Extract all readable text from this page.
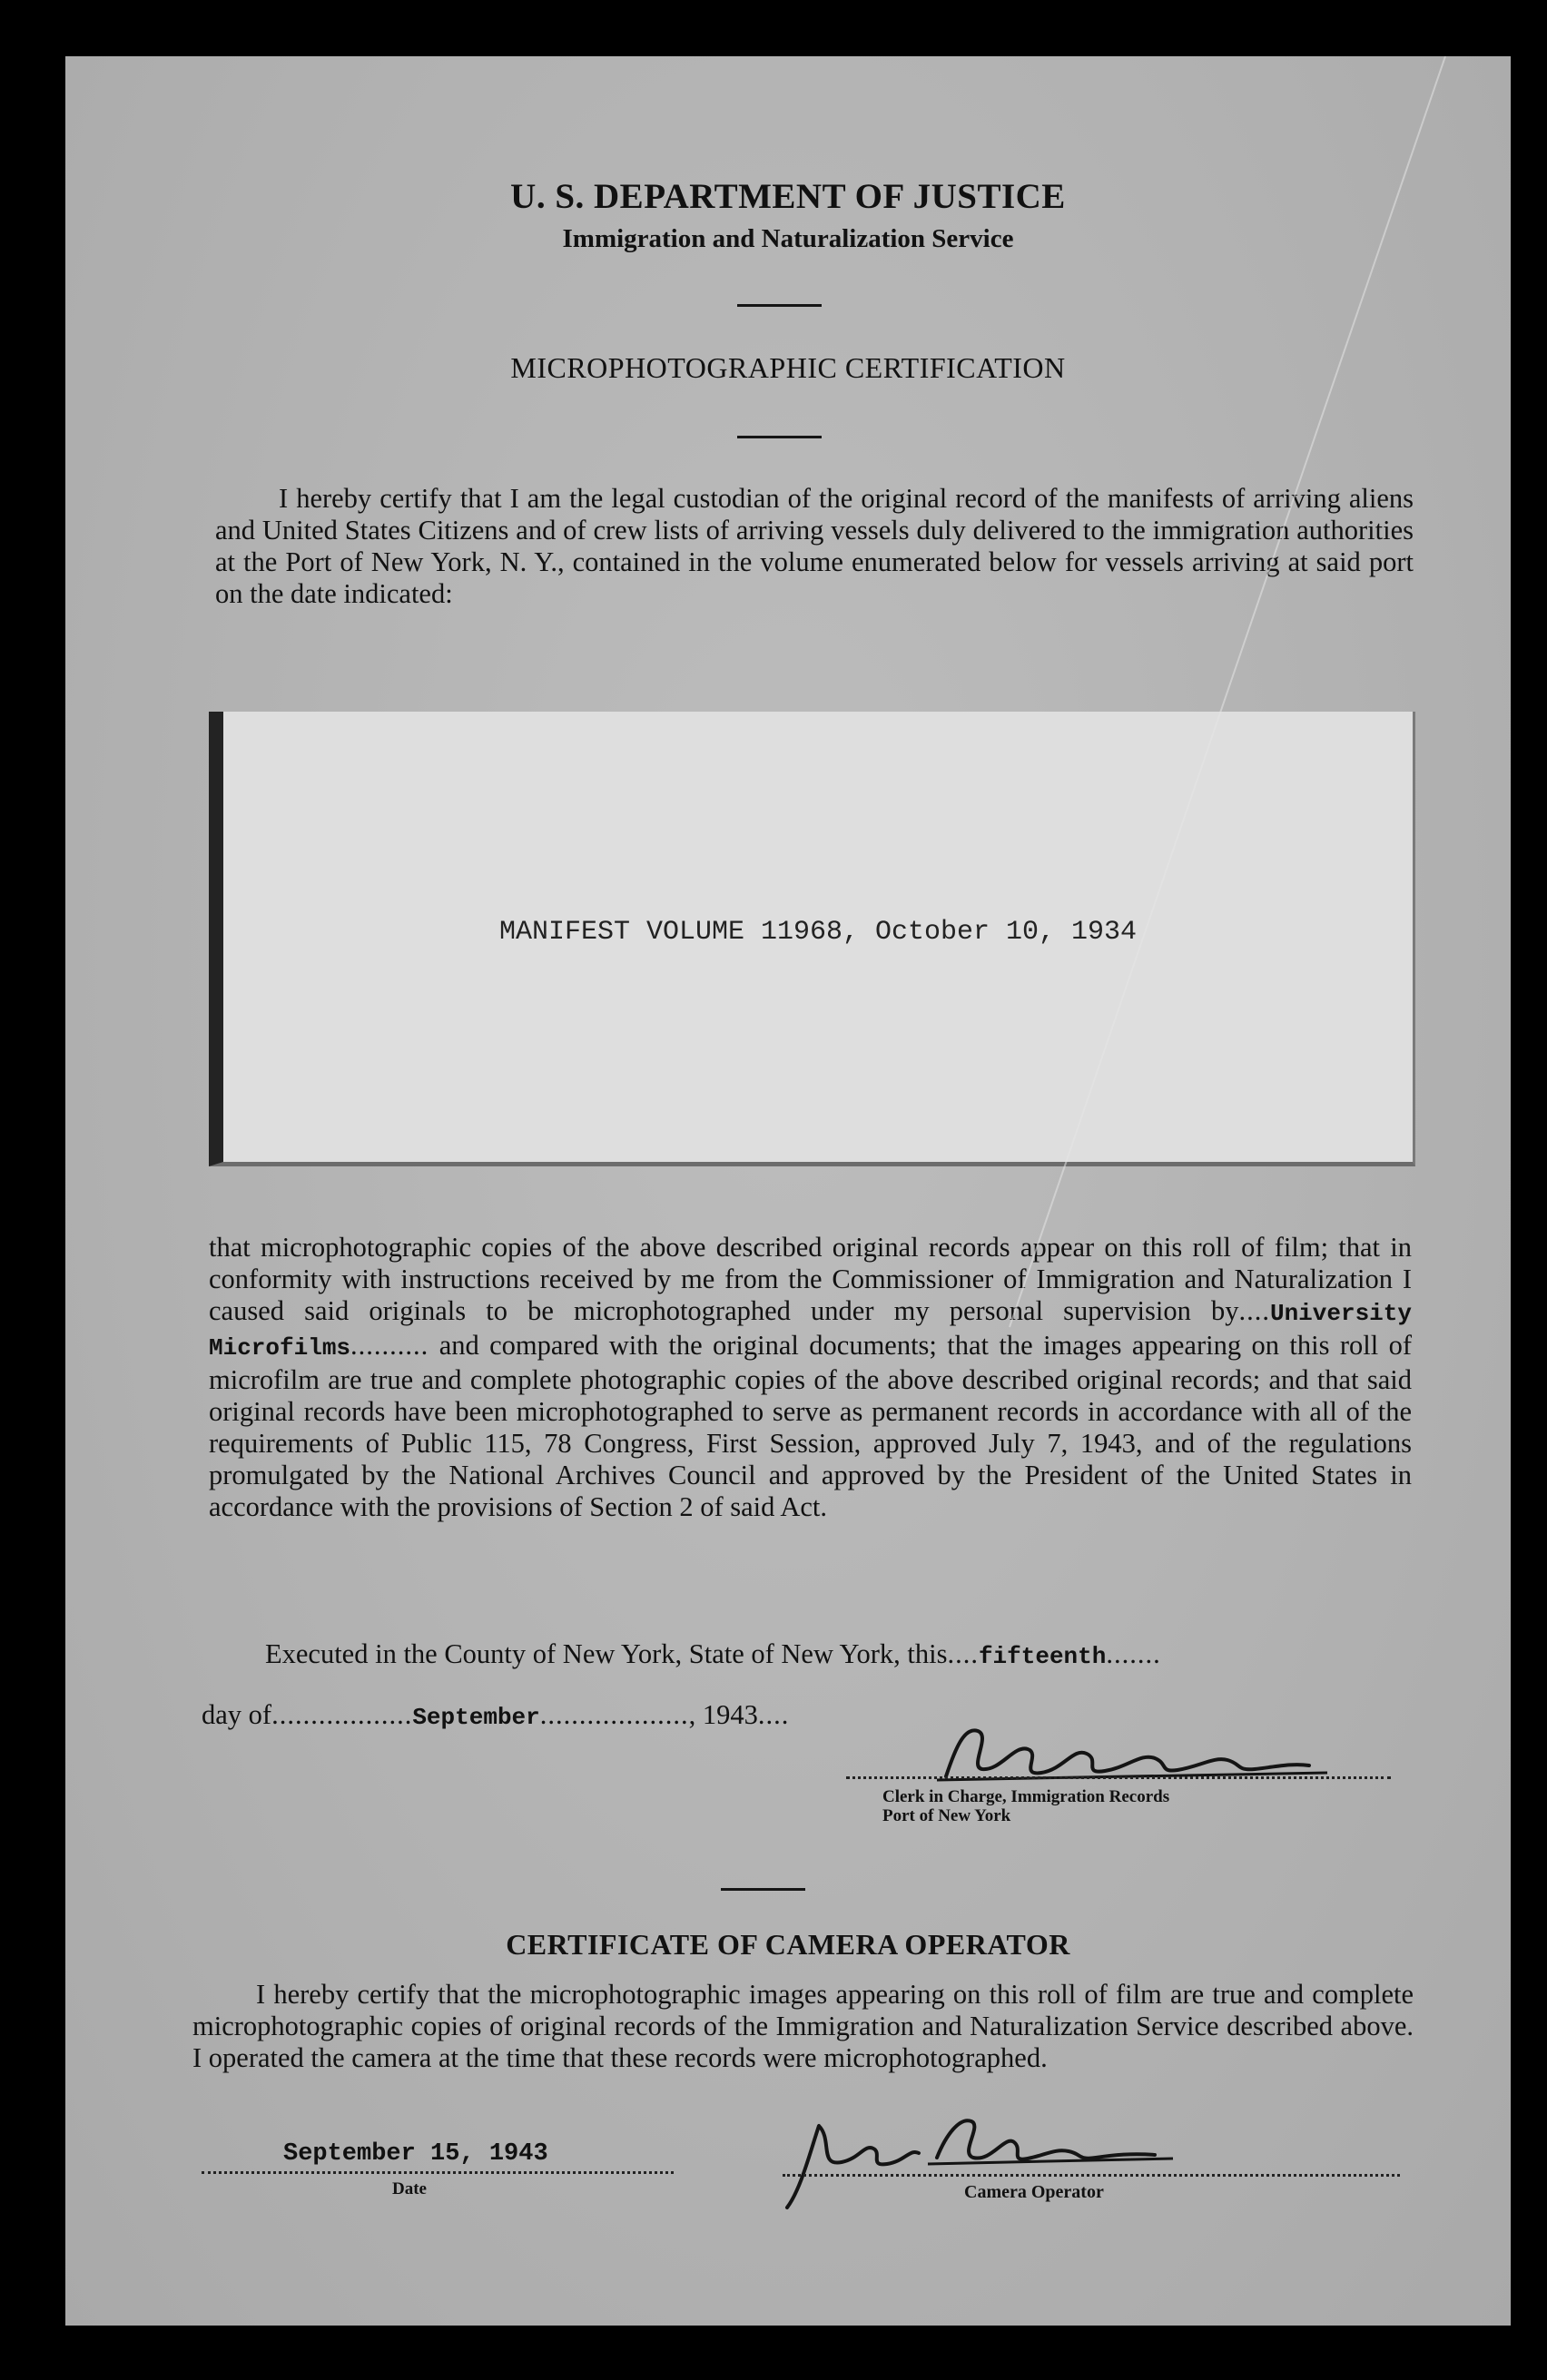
U. S. DEPARTMENT OF JUSTICE
Immigration and Naturalization Service
MICROPHOTOGRAPHIC CERTIFICATION

I hereby certify that I am the legal custodian of the original record of the manifests of arriving aliens and United States Citizens and of crew lists of arriving vessels duly delivered to the immigration authorities at the Port of New York, N. Y., contained in the volume enumerated below for vessels arriving at said port on the date indicated:

MANIFEST VOLUME 11968, October 10, 1934

that microphotographic copies of the above described original records appear on this roll of film; that in conformity with instructions received by me from the Commissioner of Immigration and Naturalization I caused said originals to be microphotographed under my personal supervision by....University Microfilms.......... and compared with the original documents; that the images appearing on this roll of microfilm are true and complete photographic copies of the above described original records; and that said original records have been microphotographed to serve as permanent records in accordance with all of the requirements of Public 115, 78 Congress, First Session, approved July 7, 1943, and of the regulations promulgated by the National Archives Council and approved by the President of the United States in accordance with the provisions of Section 2 of said Act.

Executed in the County of New York, State of New York, this....fifteenth.......
day of..................September..................., 1943....
Clerk in Charge, Immigration Records
Port of New York
CERTIFICATE OF CAMERA OPERATOR

I hereby certify that the microphotographic images appearing on this roll of film are true and complete microphotographic copies of original records of the Immigration and Naturalization Service described above. I operated the camera at the time that these records were microphotographed.

September 15, 1943
Date	Camera Operator
